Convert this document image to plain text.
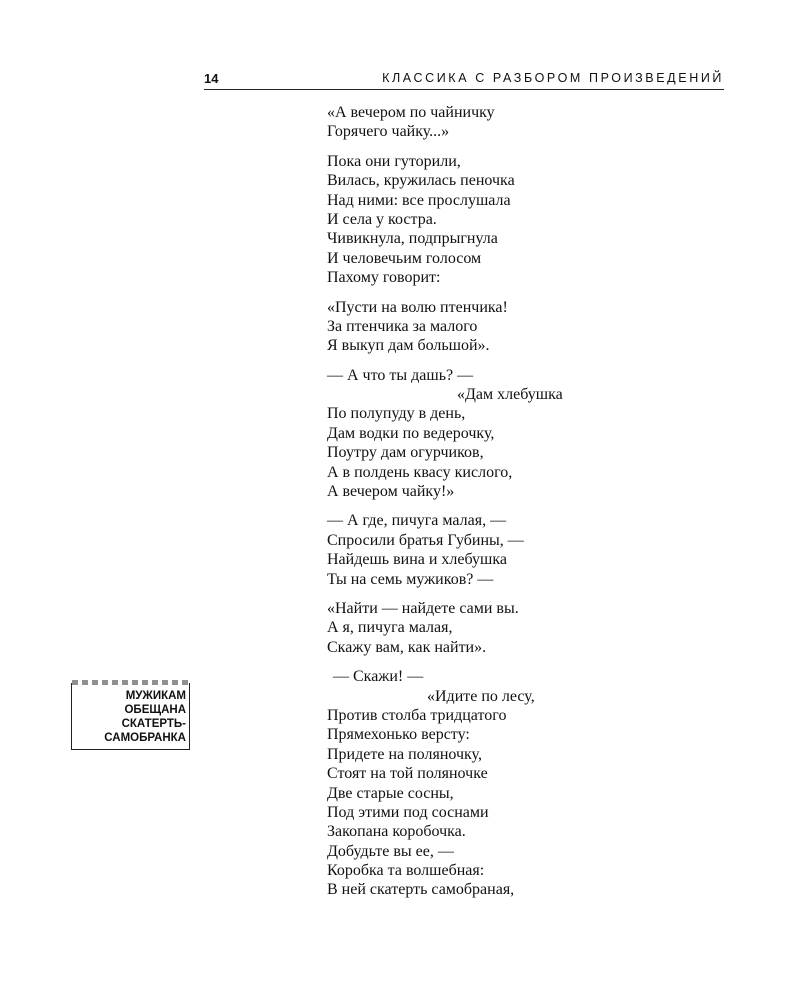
14	КЛАССИКА С РАЗБОРОМ ПРОИЗВЕДЕНИЙ
МУЖИКАМ
ОБЕЩАНА
СКАТЕРТЬ-
САМОБРАНКА
«А вечером по чайничку
Горячего чайку...»
Пока они гуторили,
Вилась, кружилась пеночка
Над ними: все прослушала
И села у костра.
Чивикнула, подпрыгнула
И человечьим голосом
Пахому говорит:
«Пусти на волю птенчика!
За птенчика за малого
Я выкуп дам большой».
— А что ты дашь? —
«Дам хлебушка
По полупуду в день,
Дам водки по ведерочку,
Поутру дам огурчиков,
А в полдень квасу кислого,
А вечером чайку!»
— А где, пичуга малая, —
Спросили братья Губины, —
Найдешь вина и хлебушка
Ты на семь мужиков? —
«Найти — найдете сами вы.
А я, пичуга малая,
Скажу вам, как найти».
— Скажи! —
«Идите по лесу,
Против столба тридцатого
Прямехонько версту:
Придете на поляночку,
Стоят на той поляночке
Две старые сосны,
Под этими под соснами
Закопана коробочка.
Добудьте вы ее, —
Коробка та волшебная:
В ней скатерть самобраная,
